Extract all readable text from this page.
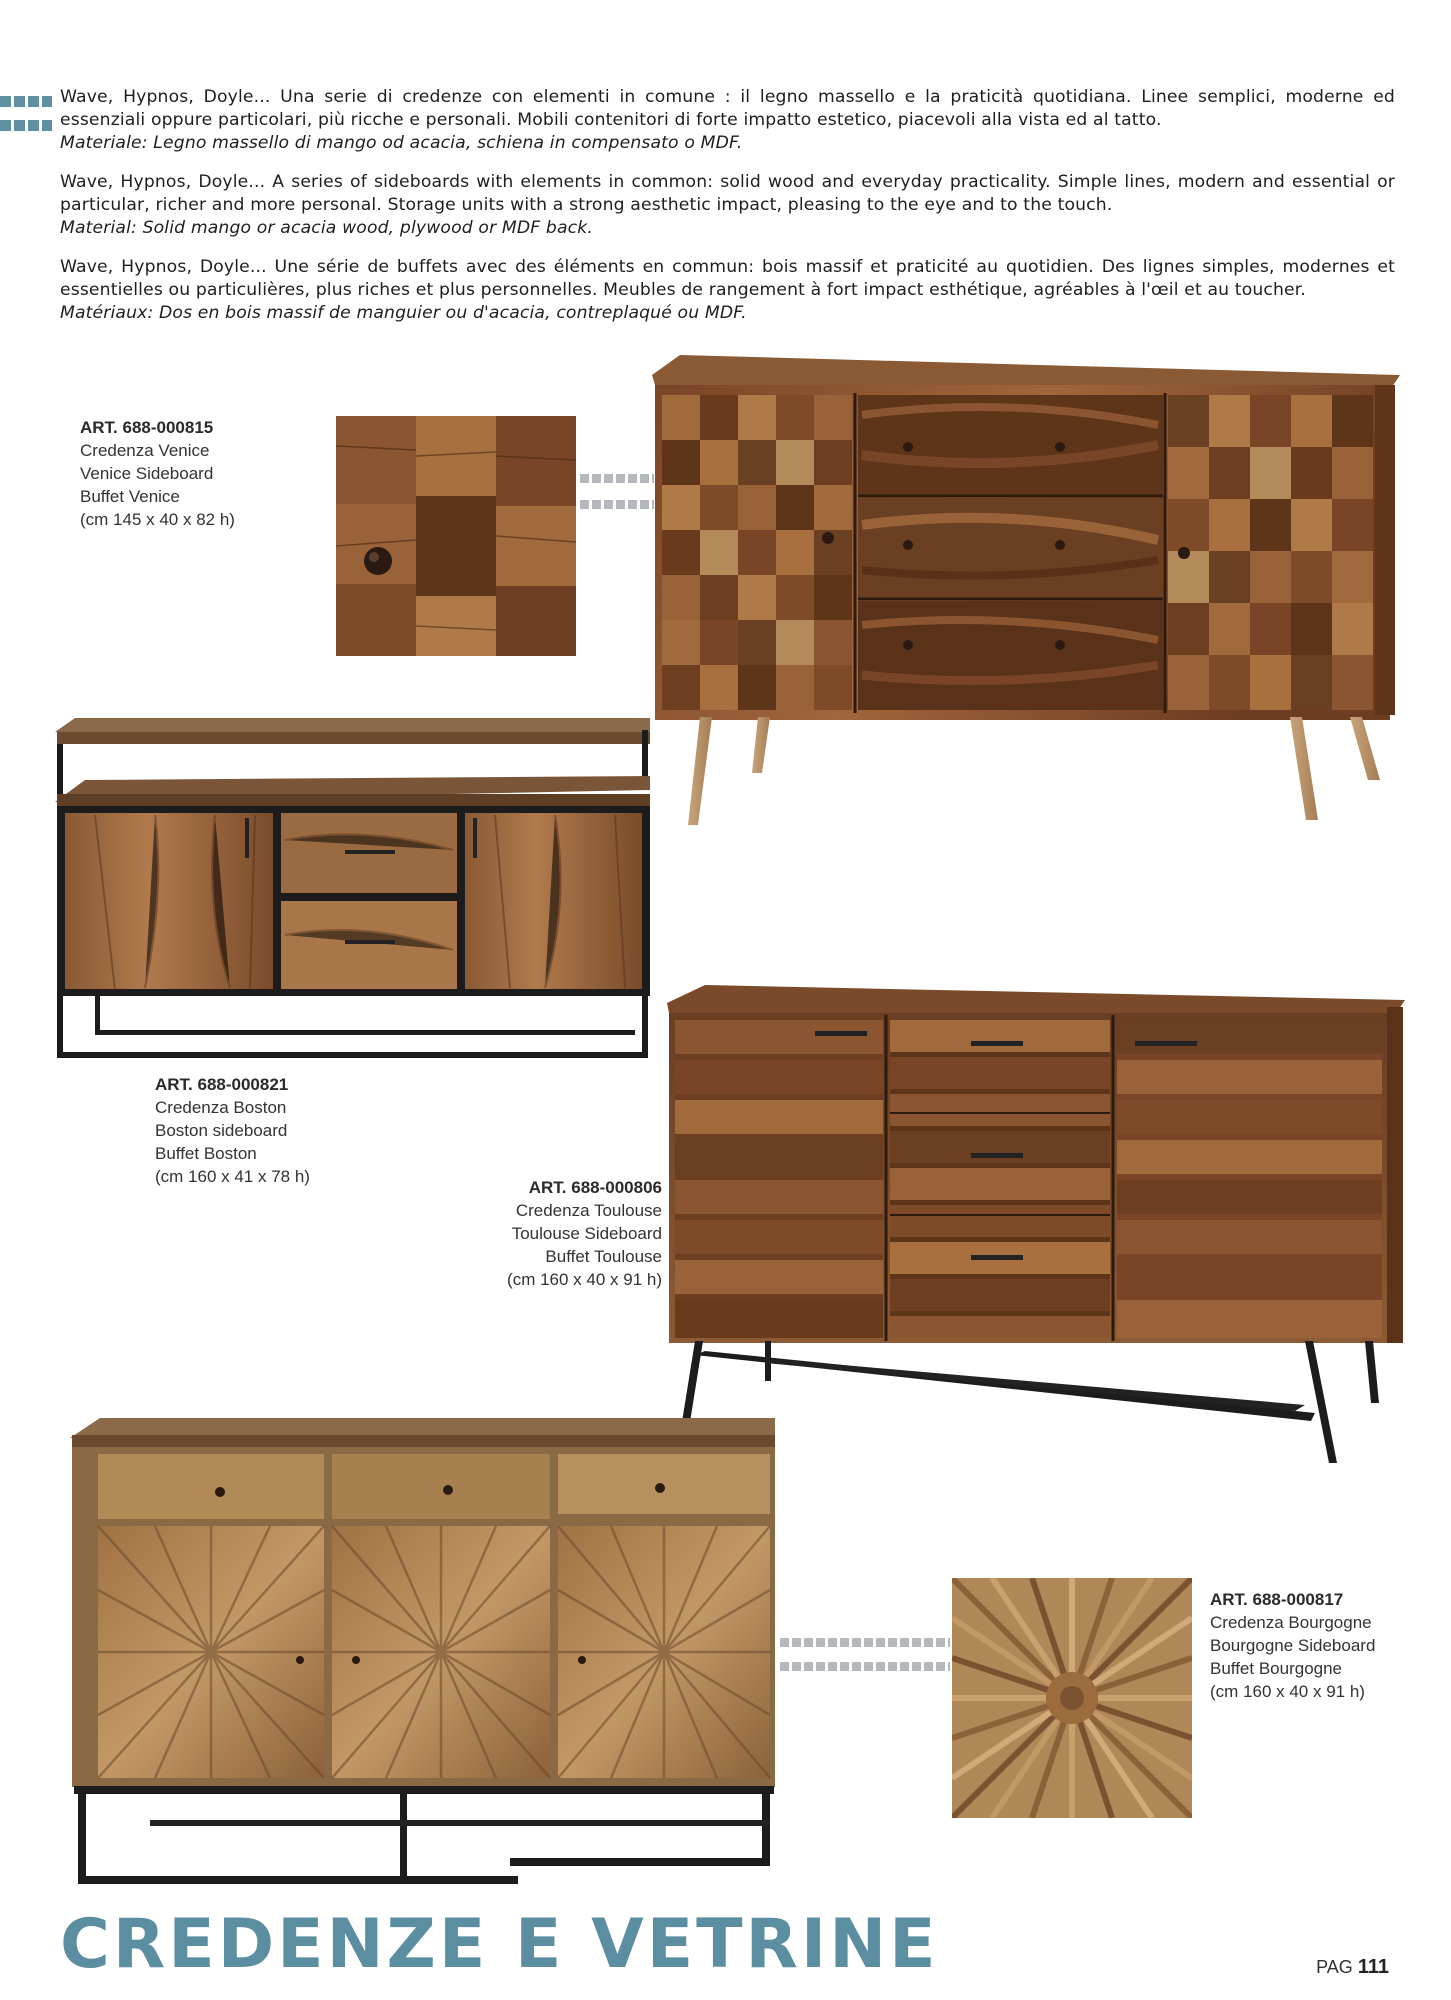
Wave, Hypnos, Doyle... Una serie di credenze con elementi in comune : il legno massello e la praticità quotidiana. Linee semplici, moderne ed essenziali oppure particolari, più ricche e personali. Mobili contenitori di forte impatto estetico, piacevoli alla vista ed al tatto.
Materiale: Legno massello di mango od acacia, schiena in compensato o MDF.

Wave, Hypnos, Doyle... A series of sideboards with elements in common: solid wood and everyday practicality. Simple lines, modern and essential or particular, richer and more personal. Storage units with a strong aesthetic impact, pleasing to the eye and to the touch.
Material: Solid mango or acacia wood, plywood or MDF back.

Wave, Hypnos, Doyle... Une série de buffets avec des éléments en commun: bois massif et praticité au quotidien. Des lignes simples, modernes et essentielles ou particulières, plus riches et plus personnelles. Meubles de rangement à fort impact esthétique, agréables à l'œil et au toucher.
Matériaux: Dos en bois massif de manguier ou d'acacia, contreplaqué ou MDF.

ART. 688-000815
Credenza Venice
Venice Sideboard
Buffet Venice
(cm 145 x 40 x 82 h)
ART. 688-000821
Credenza Boston
Boston sideboard
Buffet Boston
(cm 160 x 41 x 78 h)
ART. 688-000806
Credenza Toulouse
Toulouse Sideboard
Buffet Toulouse
(cm 160 x 40 x 91 h)
ART. 688-000817
Credenza Bourgogne
Bourgogne Sideboard
Buffet Bourgogne
(cm 160 x 40 x 91 h)
CREDENZE E VETRINE	PAG 111
